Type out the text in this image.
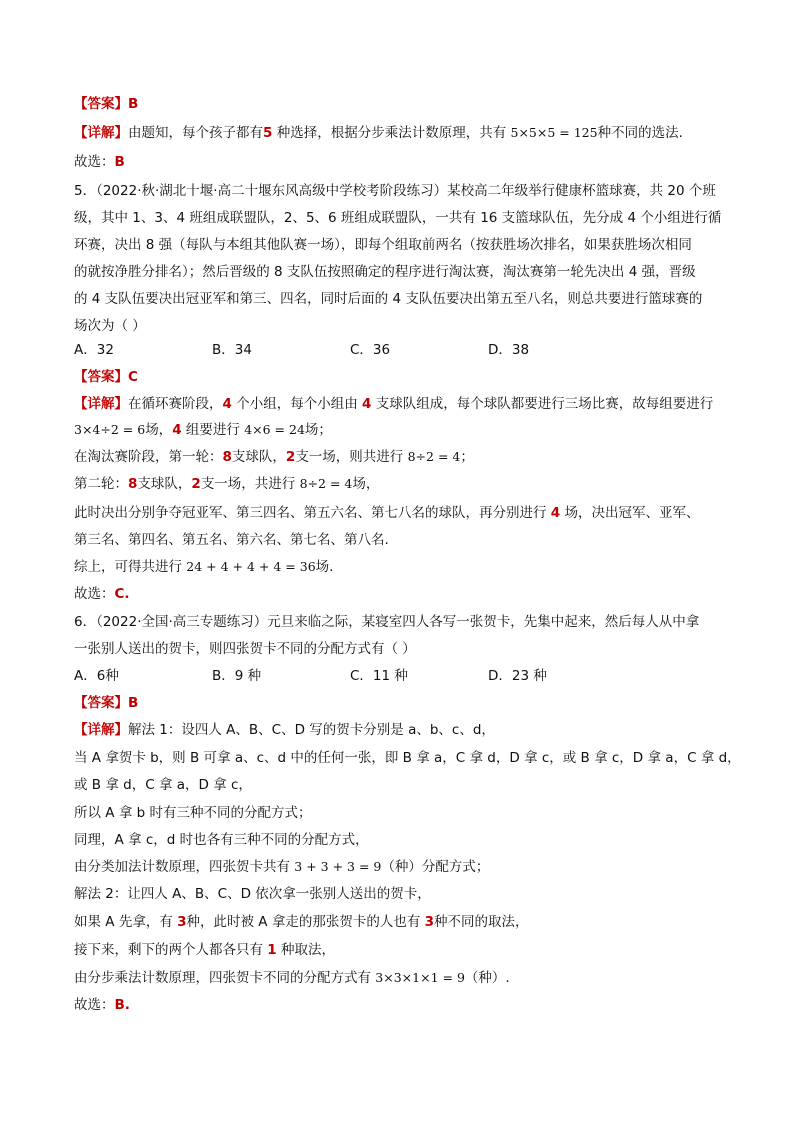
【答案】B
【详解】由题知，每个孩子都有5 种选择，根据分步乘法计数原理，共有 5×5×5 = 125种不同的选法.
故选：B
5．（2022·秋·湖北十堰·高二十堰东风高级中学校考阶段练习）某校高二年级举行健康杯篮球赛，共 20 个班
级，其中 1、3、4 班组成联盟队，2、5、6 班组成联盟队，一共有 16 支篮球队伍，先分成 4 个小组进行循
环赛，决出 8 强（每队与本组其他队赛一场），即每个组取前两名（按获胜场次排名，如果获胜场次相同
的就按净胜分排名）；然后晋级的 8 支队伍按照确定的程序进行淘汰赛，淘汰赛第一轮先决出 4 强，晋级
的 4 支队伍要决出冠亚军和第三、四名，同时后面的 4 支队伍要决出第五至八名，则总共要进行篮球赛的
场次为（ ）
A．32	B．34	C．36	D．38
【答案】C
【详解】在循环赛阶段，4 个小组，每个小组由 4 支球队组成，每个球队都要进行三场比赛，故每组要进行
3×4÷2 = 6场，4 组要进行 4×6 = 24场；
在淘汰赛阶段，第一轮：8支球队，2支一场，则共进行 8÷2 = 4；
第二轮：8支球队，2支一场，共进行 8÷2 = 4场，
此时决出分别争夺冠亚军、第三四名、第五六名、第七八名的球队，再分别进行 4 场，决出冠军、亚军、
第三名、第四名、第五名、第六名、第七名、第八名.
综上，可得共进行 24 + 4 + 4 + 4 = 36场.
故选：C.
6．（2022·全国·高三专题练习）元旦来临之际，某寝室四人各写一张贺卡，先集中起来，然后每人从中拿
一张别人送出的贺卡，则四张贺卡不同的分配方式有（ ）
A．6种	B．9 种	C．11 种	D．23 种
【答案】B
【详解】解法 1：设四人 A、B、C、D 写的贺卡分别是 a、b、c、d，
当 A 拿贺卡 b，则 B 可拿 a、c、d 中的任何一张，即 B 拿 a，C 拿 d，D 拿 c，或 B 拿 c，D 拿 a，C 拿 d，
或 B 拿 d，C 拿 a，D 拿 c，
所以 A 拿 b 时有三种不同的分配方式；
同理，A 拿 c，d 时也各有三种不同的分配方式，
由分类加法计数原理，四张贺卡共有 3 + 3 + 3 = 9（种）分配方式；
解法 2：让四人 A、B、C、D 依次拿一张别人送出的贺卡，
如果 A 先拿，有 3种，此时被 A 拿走的那张贺卡的人也有 3种不同的取法，
接下来，剩下的两个人都各只有 1 种取法，
由分步乘法计数原理，四张贺卡不同的分配方式有 3×3×1×1 = 9（种）.
故选：B.
